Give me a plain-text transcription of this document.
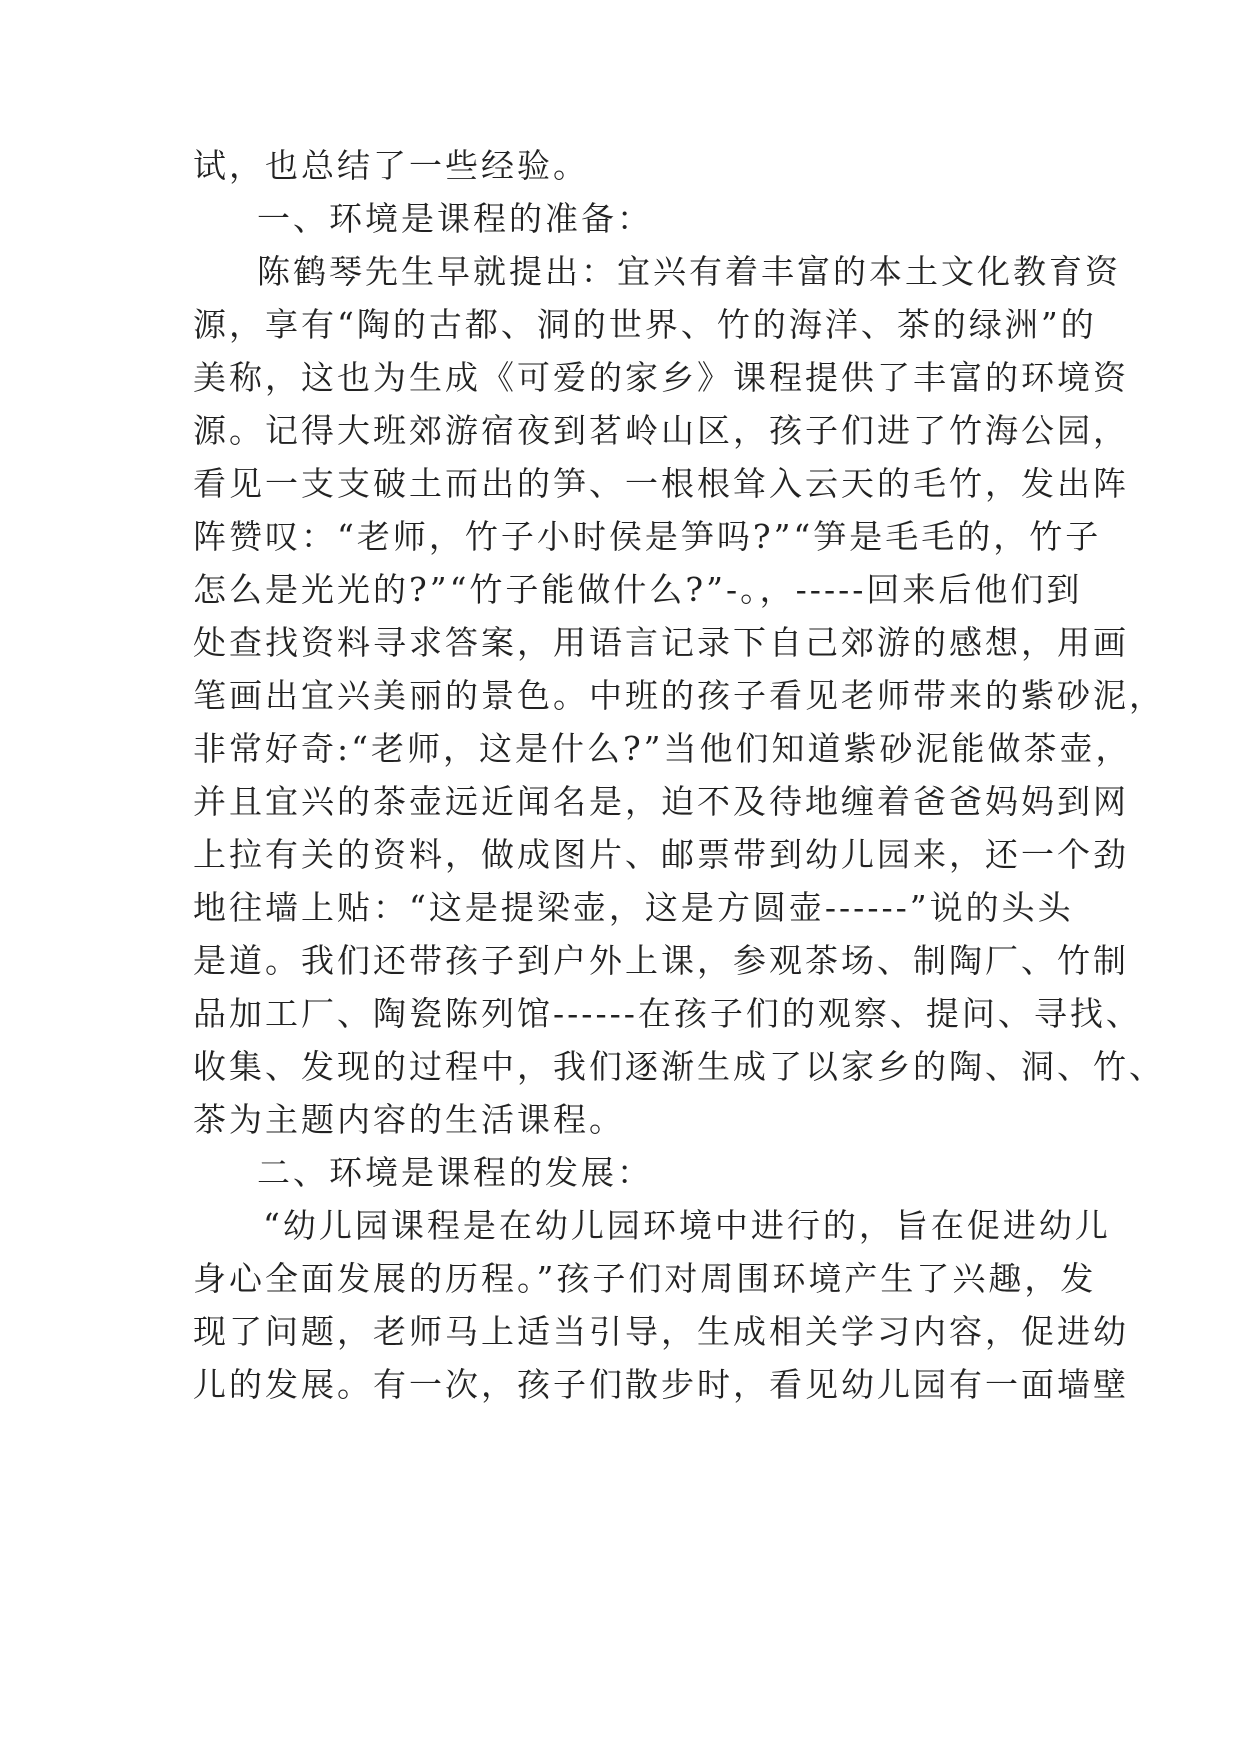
试，也总结了一些经验。
一、环境是课程的准备：
陈鹤琴先生早就提出：宜兴有着丰富的本土文化教育资
源，享有“陶的古都、洞的世界、竹的海洋、茶的绿洲”的
美称，这也为生成《可爱的家乡》课程提供了丰富的环境资
源。记得大班郊游宿夜到茗岭山区，孩子们进了竹海公园，
看见一支支破土而出的笋、一根根耸入云天的毛竹，发出阵
阵赞叹：“老师，竹子小时侯是笋吗?”“笋是毛毛的，竹子
怎么是光光的?”“竹子能做什么?”-。，-----回来后他们到
处查找资料寻求答案，用语言记录下自己郊游的感想，用画
笔画出宜兴美丽的景色。中班的孩子看见老师带来的紫砂泥，
非常好奇:“老师，这是什么?”当他们知道紫砂泥能做茶壶，
并且宜兴的茶壶远近闻名是，迫不及待地缠着爸爸妈妈到网
上拉有关的资料，做成图片、邮票带到幼儿园来，还一个劲
地往墙上贴：“这是提梁壶，这是方圆壶------”说的头头
是道。我们还带孩子到户外上课，参观茶场、制陶厂、竹制
品加工厂、陶瓷陈列馆------在孩子们的观察、提问、寻找、
收集、发现的过程中，我们逐渐生成了以家乡的陶、洞、竹、
茶为主题内容的生活课程。
二、环境是课程的发展：
“幼儿园课程是在幼儿园环境中进行的，旨在促进幼儿
身心全面发展的历程。”孩子们对周围环境产生了兴趣，发
现了问题，老师马上适当引导，生成相关学习内容，促进幼
儿的发展。有一次，孩子们散步时，看见幼儿园有一面墙壁
